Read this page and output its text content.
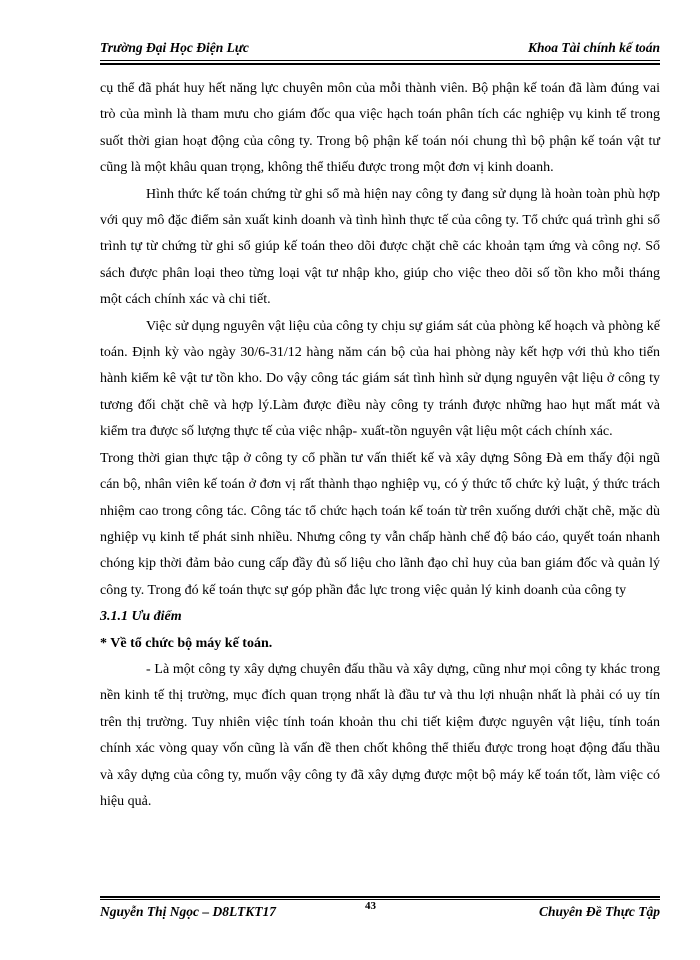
Trường Đại Học Điện Lực	Khoa Tài chính kế toán

cụ thể đã phát huy hết năng lực chuyên môn của mỗi thành viên. Bộ phận kế toán đã làm đúng vai trò của mình là tham mưu cho giám đốc qua việc hạch toán phân tích các nghiệp vụ kinh tế trong suốt thời gian hoạt động của công ty. Trong bộ phận kế toán nói chung thì bộ phận kế toán vật tư cũng là một khâu quan trọng, không thể thiếu được trong một đơn vị kinh doanh.

Hình thức kế toán chứng từ ghi sổ mà hiện nay công ty đang sử dụng là hoàn toàn phù hợp với quy mô đặc điểm sản xuất kinh doanh và tình hình thực tế của công ty. Tổ chức quá trình ghi sổ trình tự từ chứng từ ghi sổ giúp kế toán theo dõi được chặt chẽ các khoản tạm ứng và công nợ. Sổ sách được phân loại theo từng loại vật tư nhập kho, giúp cho việc theo dõi số tồn kho mỗi tháng một cách chính xác và chi tiết.

Việc sử dụng nguyên vật liệu của công ty chịu sự giám sát của phòng kế hoạch và phòng kế toán. Định kỳ vào ngày 30/6-31/12 hàng năm cán bộ của hai phòng này kết hợp với thủ kho tiến hành kiểm kê vật tư tồn kho. Do vậy công tác giám sát tình hình sử dụng nguyên vật liệu ở công ty tương đối chặt chẽ và hợp lý.Làm được điều này công ty tránh được những hao hụt mất mát và kiểm tra được số lượng thực tế của việc nhập- xuất-tồn nguyên vật liệu một cách chính xác.

Trong thời gian thực tập ở công ty cổ phần tư vấn thiết kế và xây dựng Sông Đà em thấy đội ngũ cán bộ, nhân viên kế toán ở đơn vị rất thành thạo nghiệp vụ, có ý thức tổ chức kỷ luật, ý thức trách nhiệm cao trong công tác. Công tác tổ chức hạch toán kế toán từ trên xuống dưới chặt chẽ, mặc dù nghiệp vụ kinh tế phát sinh nhiều. Nhưng công ty vẫn chấp hành chế độ báo cáo, quyết toán nhanh chóng kịp thời đảm bảo cung cấp đầy đủ số liệu cho lãnh đạo chỉ huy của ban giám đốc và quản lý công ty. Trong đó kế toán thực sự góp phần đắc lực trong việc quản lý kinh doanh của công ty

3.1.1 Ưu điểm

* Về tổ chức bộ máy kế toán.

- Là một công ty xây dựng chuyên đấu thầu và xây dựng, cũng như mọi công ty khác trong nền kinh tế thị trường, mục đích quan trọng nhất là đầu tư và thu lợi nhuận nhất là phải có uy tín trên thị trường. Tuy nhiên việc tính toán khoản thu chi tiết kiệm được nguyên vật liệu, tính toán chính xác vòng quay vốn cũng là vấn đề then chốt không thể thiếu được trong hoạt động đấu thầu và xây dựng của công ty, muốn vậy công ty đã xây dựng được một bộ máy kế toán tốt, làm việc có hiệu quả.

Nguyễn Thị Ngọc – D8LTKT17	43	Chuyên Đề Thực Tập
